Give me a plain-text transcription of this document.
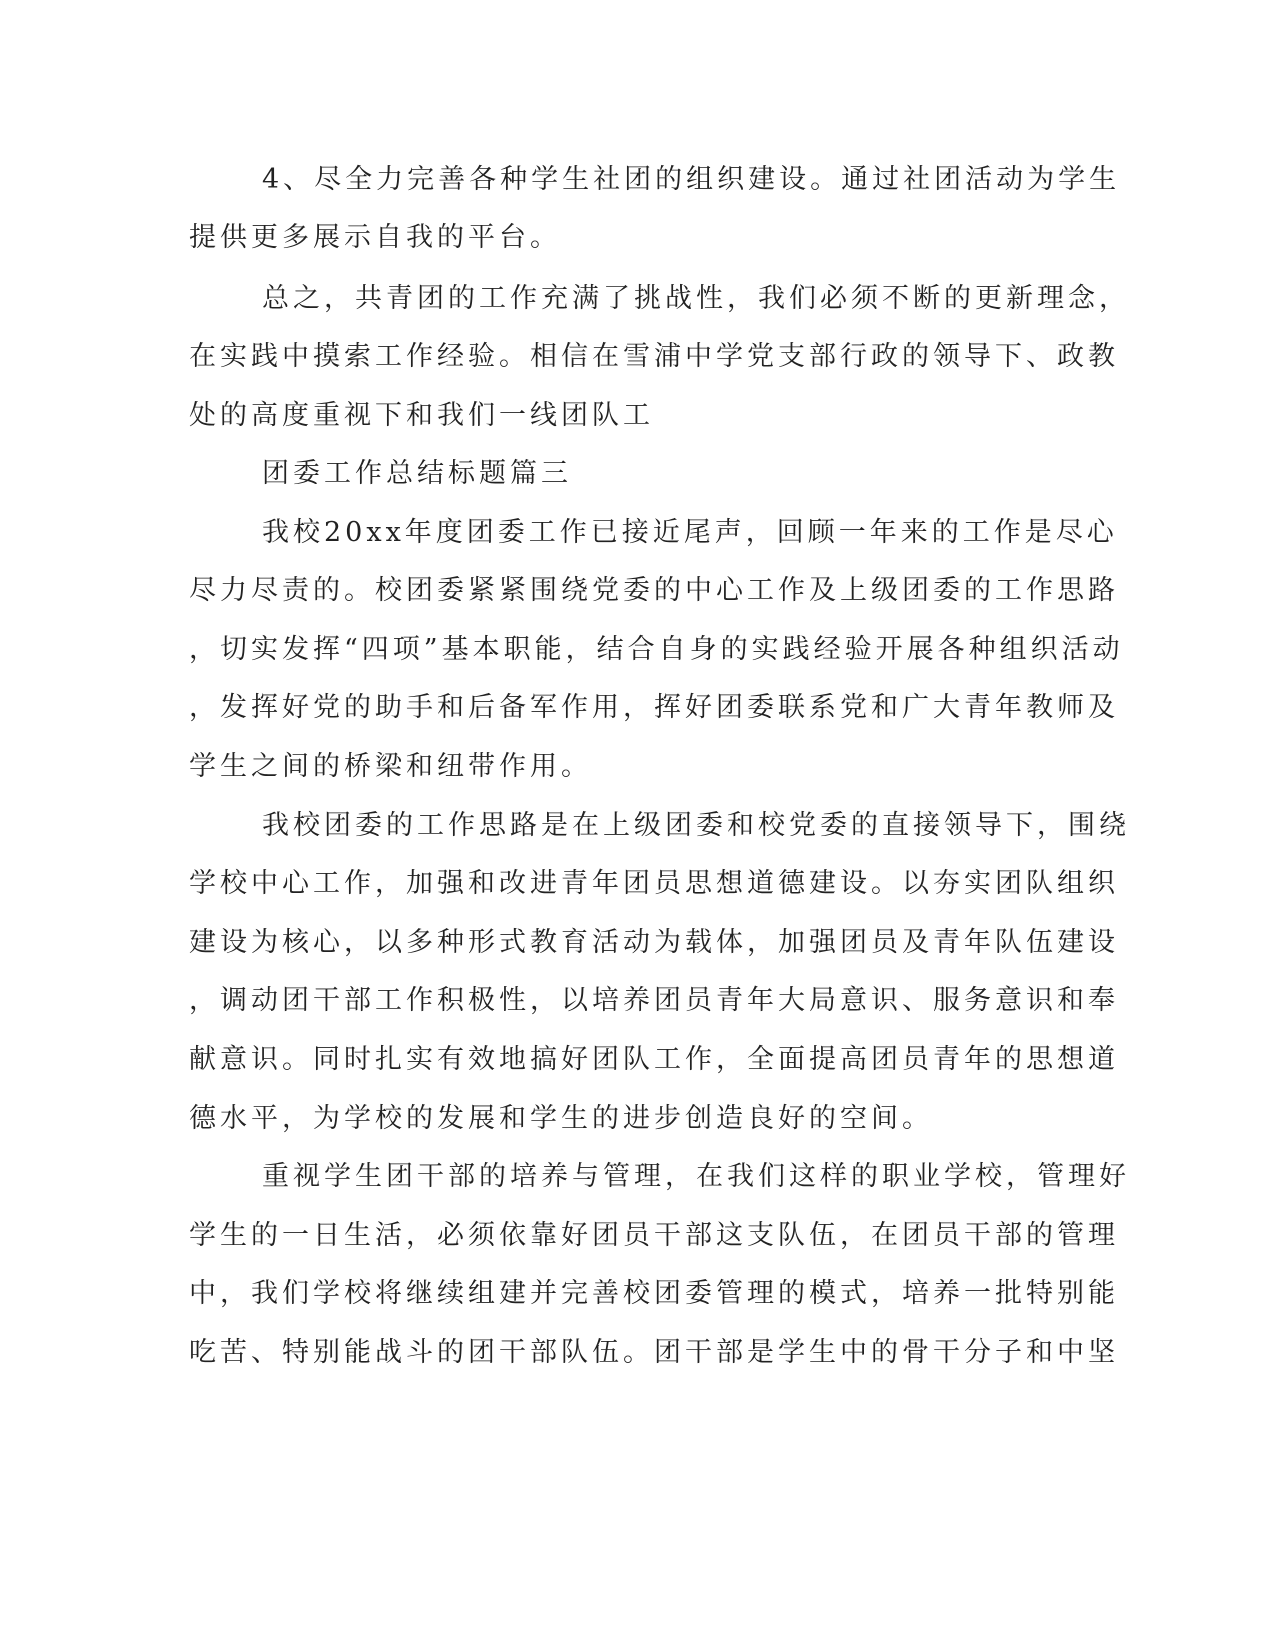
4、尽全力完善各种学生社团的组织建设。通过社团活动为学生
提供更多展示自我的平台。
总之，共青团的工作充满了挑战性，我们必须不断的更新理念，
在实践中摸索工作经验。相信在雪浦中学党支部行政的领导下、政教
处的高度重视下和我们一线团队工
团委工作总结标题篇三
我校20xx年度团委工作已接近尾声，回顾一年来的工作是尽心
尽力尽责的。校团委紧紧围绕党委的中心工作及上级团委的工作思路
，切实发挥“四项”基本职能，结合自身的实践经验开展各种组织活动
，发挥好党的助手和后备军作用，挥好团委联系党和广大青年教师及
学生之间的桥梁和纽带作用。
我校团委的工作思路是在上级团委和校党委的直接领导下，围绕
学校中心工作，加强和改进青年团员思想道德建设。以夯实团队组织
建设为核心，以多种形式教育活动为载体，加强团员及青年队伍建设
，调动团干部工作积极性，以培养团员青年大局意识、服务意识和奉
献意识。同时扎实有效地搞好团队工作，全面提高团员青年的思想道
德水平，为学校的发展和学生的进步创造良好的空间。
重视学生团干部的培养与管理，在我们这样的职业学校，管理好
学生的一日生活，必须依靠好团员干部这支队伍，在团员干部的管理
中，我们学校将继续组建并完善校团委管理的模式，培养一批特别能
吃苦、特别能战斗的团干部队伍。团干部是学生中的骨干分子和中坚
